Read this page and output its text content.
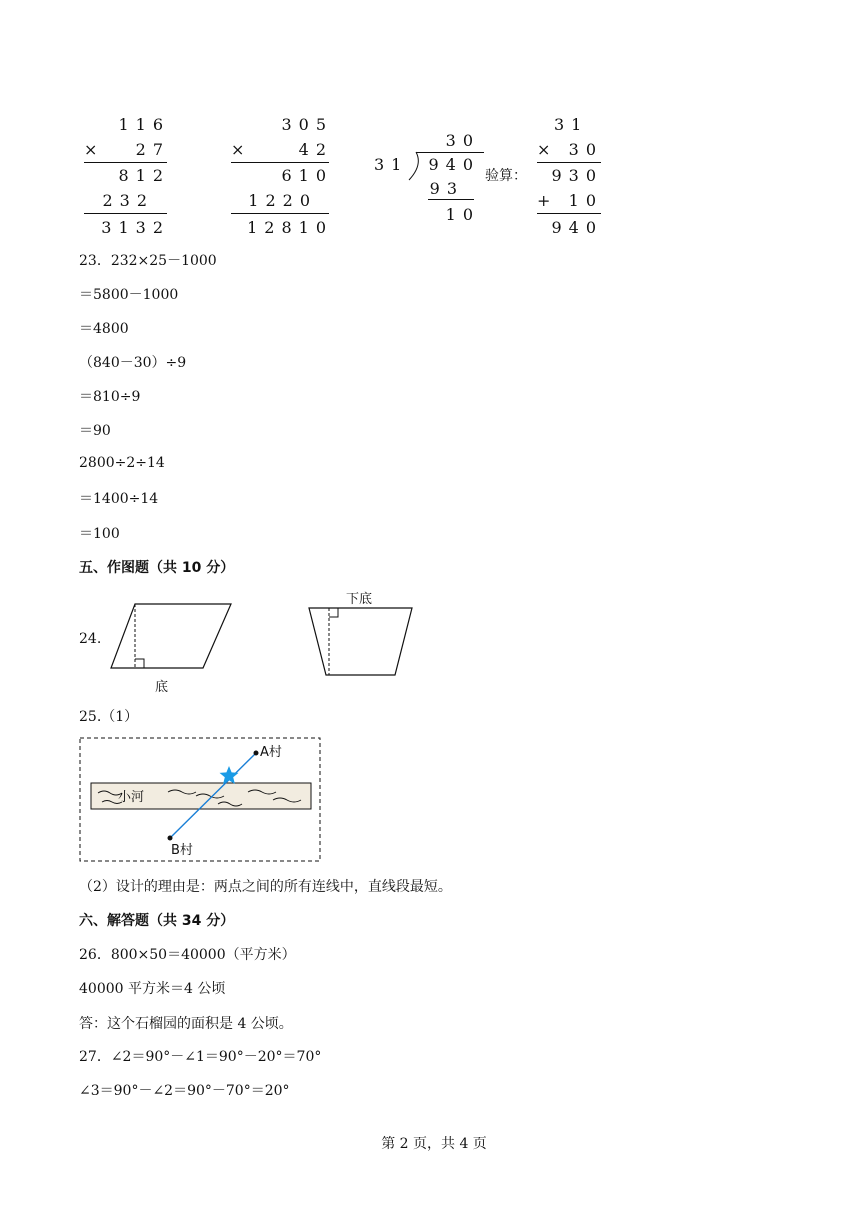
116
×	27
812
232
3132
305
×	42
610
1220
12810
30
31	940
93
10
验算：
31
× 30
930
+ 10
940
23．232×25－1000
＝5800－1000
＝4800
（840－30）÷9
＝810÷9
＝90
2800÷2÷14
＝1400÷14
＝100
五、作图题（共 10 分）
24.
底
下底
25.（1）
小河
A村
B村
（2）设计的理由是：两点之间的所有连线中，直线段最短。
六、解答题（共 34 分）
26．800×50＝40000（平方米）
40000 平方米＝4 公顷
答：这个石榴园的面积是 4 公顷。
27．∠2＝90°－∠1＝90°－20°＝70°
∠3＝90°－∠2＝90°－70°＝20°
第 2 页，共 4 页
